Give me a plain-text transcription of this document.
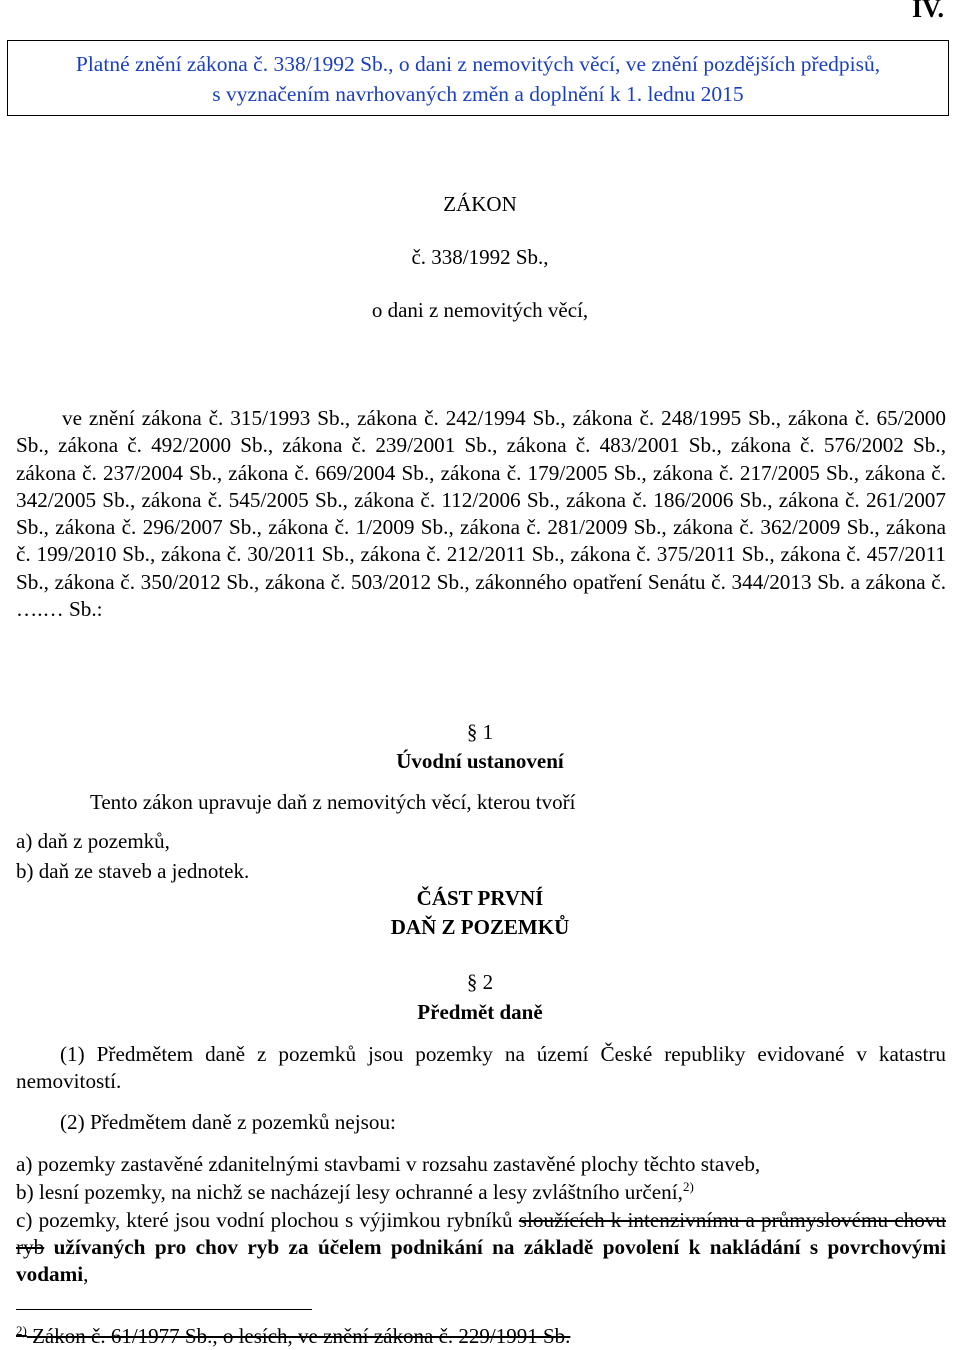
IV.
Platné znění zákona č. 338/1992 Sb., o dani z nemovitých věcí, ve znění pozdějších předpisů,
s vyznačením navrhovaných změn a doplnění k 1. lednu 2015
ZÁKON
č. 338/1992 Sb.,
o dani z nemovitých věcí,
ve znění zákona č. 315/1993 Sb., zákona č. 242/1994 Sb., zákona č. 248/1995 Sb., zákona č. 65/2000 Sb., zákona č. 492/2000 Sb., zákona č. 239/2001 Sb., zákona č. 483/2001 Sb., zákona č. 576/2002 Sb., zákona č. 237/2004 Sb., zákona č. 669/2004 Sb., zákona č. 179/2005 Sb., zákona č. 217/2005 Sb., zákona č. 342/2005 Sb., zákona č. 545/2005 Sb., zákona č. 112/2006 Sb., zákona č. 186/2006 Sb., zákona č. 261/2007 Sb., zákona č. 296/2007 Sb., zákona č. 1/2009 Sb., zákona č. 281/2009 Sb., zákona č. 362/2009 Sb., zákona č. 199/2010 Sb., zákona č. 30/2011 Sb., zákona č. 212/2011 Sb., zákona č. 375/2011 Sb., zákona č. 457/2011 Sb., zákona č. 350/2012 Sb., zákona č. 503/2012 Sb., zákonného opatření Senátu č. 344/2013 Sb. a zákona č. ….… Sb.:
§ 1
Úvodní ustanovení
Tento zákon upravuje daň z nemovitých věcí, kterou tvoří
a) daň z pozemků,
b) daň ze staveb a jednotek.
ČÁST PRVNÍ
DAŇ Z POZEMKŮ
§ 2
Předmět daně
(1) Předmětem daně z pozemků jsou pozemky na území České republiky evidované v katastru nemovitostí.
(2) Předmětem daně z pozemků nejsou:
a) pozemky zastavěné zdanitelnými stavbami v rozsahu zastavěné plochy těchto staveb,
b) lesní pozemky, na nichž se nacházejí lesy ochranné a lesy zvláštního určení,$^{2)}$
c) pozemky, které jsou vodní plochou s výjimkou rybníků sloužících k intenzivnímu a průmyslovému chovu ryb užívaných pro chov ryb za účelem podnikání na základě povolení k nakládání s povrchovými vodami,
$^{2)}$ Zákon č. 61/1977 Sb., o lesích, ve znění zákona č. 229/1991 Sb.
